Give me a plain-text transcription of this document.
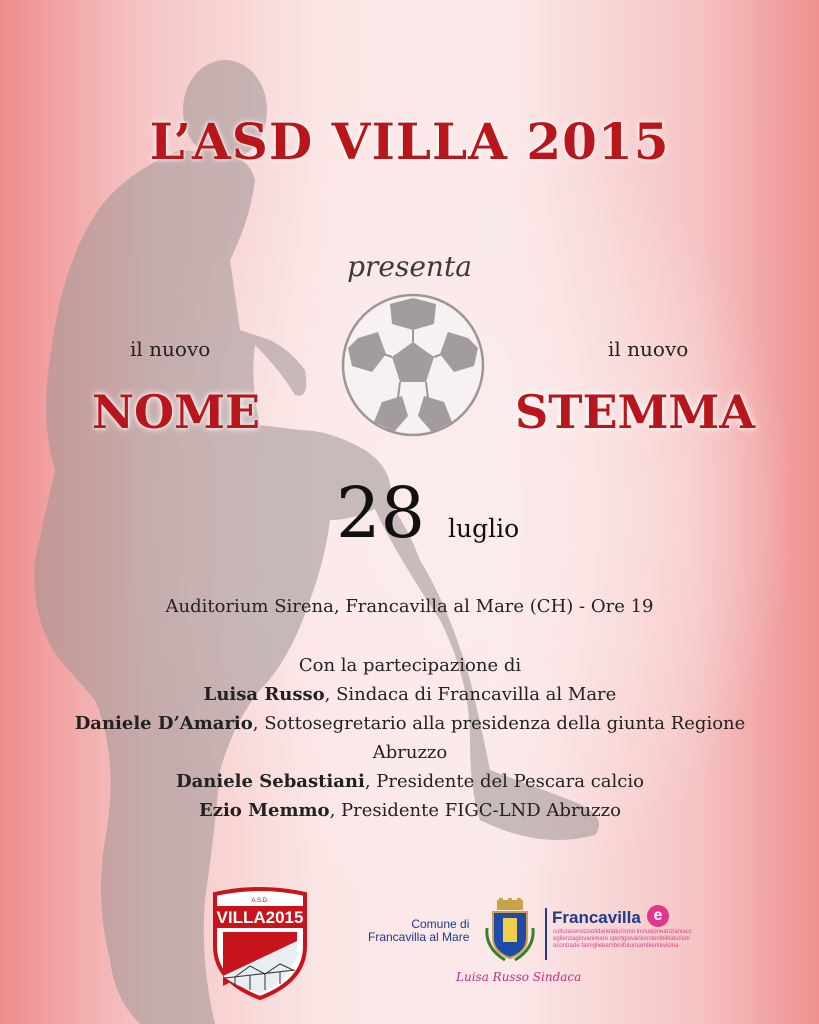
L’ASD VILLA 2015
presenta
il nuovo
NOME
il nuovo
STEMMA
28 luglio
Auditorium Sirena, Francavilla al Mare (CH) - Ore 19
Con la partecipazione di
Luisa Russo, Sindaca di Francavilla al Mare
Daniele D’Amario, Sottosegretario alla presidenza della giunta Regione Abruzzo
Daniele Sebastiani, Presidente del Pescara calcio
Ezio Memmo, Presidente FIGC-LND Abruzzo
A.S.D.
VILLA2015	Comune di
Francavilla al Mare
Francavilla e
culturaservizisolidarietàturismo inclusioneanzianiaccoglienzagiovanimare sportgiovanisostenibilitàturismocontrade famigliebambinifuturoambientevicina
Luisa Russo Sindaca
